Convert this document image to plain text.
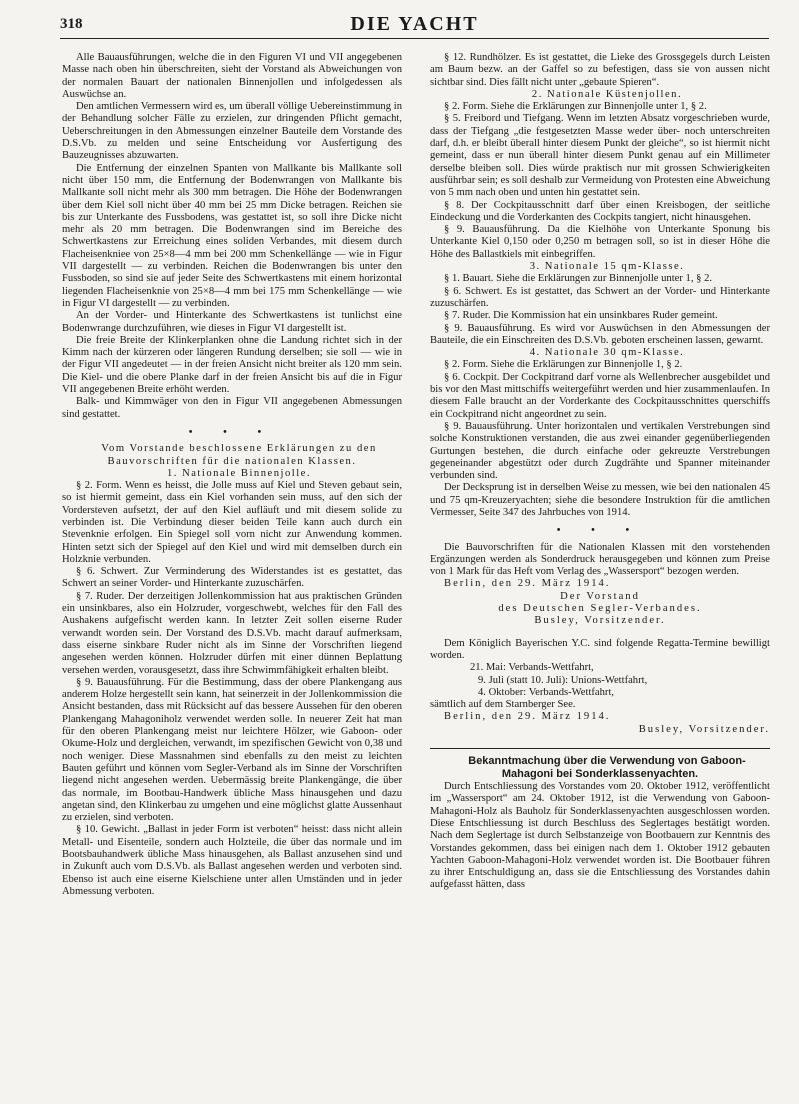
318	DIE YACHT

Alle Bauausführungen, welche die in den Figuren VI und VII angegebenen Masse nach oben hin überschreiten, sieht der Vorstand als Abweichungen von der normalen Bauart der nationalen Binnenjollen und infolgedessen als Auswüchse an.

Den amtlichen Vermessern wird es, um überall völlige Uebereinstimmung in der Behandlung solcher Fälle zu erzielen, zur dringenden Pflicht gemacht, Ueberschreitungen in den Abmessungen einzelner Bauteile dem Vorstande des D.S.Vb. zu melden und seine Entscheidung vor Ausfertigung des Bauzeugnisses abzuwarten.

Die Entfernung der einzelnen Spanten von Mallkante bis Mallkante soll nicht über 150 mm, die Entfernung der Bodenwrangen von Mallkante bis Mallkante soll nicht mehr als 300 mm betragen. Die Höhe der Bodenwrangen über dem Kiel soll nicht über 40 mm bei 25 mm Dicke betragen. Reichen sie bis zur Unterkante des Fussbodens, was gestattet ist, so soll ihre Dicke nicht mehr als 20 mm betragen. Die Bodenwrangen sind im Bereiche des Schwertkastens zur Erreichung eines soliden Verbandes, mit diesem durch Flacheisenkniee von 25×8—4 mm bei 200 mm Schenkellänge — wie in Figur VII dargestellt — zu verbinden. Reichen die Bodenwrangen bis unter den Fussboden, so sind sie auf jeder Seite des Schwertkastens mit einem horizontal liegenden Flacheisenknie von 25×8—4 mm bei 175 mm Schenkellänge — wie in Figur VI dargestellt — zu verbinden.

An der Vorder- und Hinterkante des Schwertkastens ist tunlichst eine Bodenwrange durchzuführen, wie dieses in Figur VI dargestellt ist.

Die freie Breite der Klinkerplanken ohne die Landung richtet sich in der Kimm nach der kürzeren oder längeren Rundung derselben; sie soll — wie in der Figur VII angedeutet — in der freien Ansicht nicht breiter als 120 mm sein. Die Kiel- und die obere Planke darf in der freien Ansicht bis auf die in Figur VII angegebenen Breite erhöht werden.

Balk- und Kimmwäger von den in Figur VII angegebenen Abmessungen sind gestattet.

• • •

Vom Vorstande beschlossene Erklärungen zu den Bauvorschriften für die nationalen Klassen.

1. Nationale Binnenjolle.

§ 2. Form. Wenn es heisst, die Jolle muss auf Kiel und Steven gebaut sein, so ist hiermit gemeint, dass ein Kiel vorhanden sein muss, auf den sich der Vordersteven aufsetzt, der auf den Kiel aufläuft und mit diesem solide zu verbinden ist. Die Verbindung dieser beiden Teile kann auch durch ein Stevenknie erfolgen. Ein Spiegel soll vorn nicht zur Anwendung kommen. Hinten setzt sich der Spiegel auf den Kiel und wird mit demselben durch ein Holzknie verbunden.

§ 6. Schwert. Zur Verminderung des Widerstandes ist es gestattet, das Schwert an seiner Vorder- und Hinterkante zuzuschärfen.

§ 7. Ruder. Der derzeitigen Jollenkommission hat aus praktischen Gründen ein unsinkbares, also ein Holzruder, vorgeschwebt, welches für den Fall des Aushakens aufgefischt werden kann. In letzter Zeit sollen eiserne Ruder verwandt worden sein. Der Vorstand des D.S.Vb. macht darauf aufmerksam, dass eiserne sinkbare Ruder nicht als im Sinne der Vorschriften liegend angesehen werden können. Holzruder dürfen mit einer dünnen Beplattung versehen werden, vorausgesetzt, dass ihre Schwimmfähigkeit erhalten bleibt.

§ 9. Bauausführung. Für die Bestimmung, dass der obere Plankengang aus anderem Holze hergestellt sein kann, hat seinerzeit in der Jollenkommission die Ansicht bestanden, dass mit Rücksicht auf das bessere Aussehen für den oberen Plankengang Mahagoniholz verwendet werden solle. In neuerer Zeit hat man für den oberen Plankengang meist nur leichtere Hölzer, wie Gaboon- oder Okume-Holz und dergleichen, verwandt, im spezifischen Gewicht von 0,38 und noch weniger. Diese Massnahmen sind ebenfalls zu den meist zu leichten Bauten geführt und können vom Segler-Verband als im Sinne der Vorschriften liegend nicht angesehen werden. Uebermässig breite Plankengänge, die über das normale, im Bootbau-Handwerk übliche Mass hinausgehen und dazu angetan sind, den Klinkerbau zu umgehen und eine möglichst glatte Aussenhaut zu erzielen, sind verboten.

§ 10. Gewicht. „Ballast in jeder Form ist verboten“ heisst: dass nicht allein Metall- und Eisenteile, sondern auch Holzteile, die über das normale und im Bootsbauhandwerk übliche Mass hinausgehen, als Ballast anzusehen sind und in Zukunft auch vom D.S.Vb. als Ballast angesehen werden und verboten sind. Ebenso ist auch eine eiserne Kielschiene unter allen Umständen und in jeder Abmessung verboten.

§ 12. Rundhölzer. Es ist gestattet, die Lieke des Grossgegels durch Leisten am Baum bezw. an der Gaffel so zu befestigen, dass sie von aussen nicht sichtbar sind. Dies fällt nicht unter „gebaute Spieren“.

2. Nationale Küstenjollen.

§ 2. Form. Siehe die Erklärungen zur Binnenjolle unter 1, § 2.

§ 5. Freibord und Tiefgang. Wenn im letzten Absatz vorgeschrieben wurde, dass der Tiefgang „die festgesetzten Masse weder über- noch unterschreiten darf, d.h. er bleibt überall hinter diesem Punkt der gleiche“, so ist hiermit nicht gemeint, dass er nun überall hinter diesem Punkt genau auf ein Millimeter derselbe bleiben soll. Dies würde praktisch nur mit grossen Schwierigkeiten ausführbar sein; es soll deshalb zur Vermeidung von Protesten eine Abweichung von 5 mm nach oben und unten hin gestattet sein.

§ 8. Der Cockpitausschnitt darf über einen Kreisbogen, der seitliche Eindeckung und die Vorderkanten des Cockpits tangiert, nicht hinausgehen.

§ 9. Bauausführung. Da die Kielhöhe von Unterkante Sponung bis Unterkante Kiel 0,150 oder 0,250 m betragen soll, so ist in dieser Höhe die Höhe des Ballastkiels mit einbegriffen.

3. Nationale 15 qm-Klasse.

§ 1. Bauart. Siehe die Erklärungen zur Binnenjolle unter 1, § 2.

§ 6. Schwert. Es ist gestattet, das Schwert an der Vorder- und Hinterkante zuzuschärfen.

§ 7. Ruder. Die Kommission hat ein unsinkbares Ruder gemeint.

§ 9. Bauausführung. Es wird vor Auswüchsen in den Abmessungen der Bauteile, die ein Einschreiten des D.S.Vb. geboten erscheinen lassen, gewarnt.

4. Nationale 30 qm-Klasse.

§ 2. Form. Siehe die Erklärungen zur Binnenjolle 1, § 2.

§ 6. Cockpit. Der Cockpitrand darf vorne als Wellenbrecher ausgebildet und bis vor den Mast mittschiffs weitergeführt werden und hier zusammenlaufen. In diesem Falle braucht an der Vorderkante des Cockpitausschnittes querschiffs ein Cockpitrand nicht angeordnet zu sein.

§ 9. Bauausführung. Unter horizontalen und vertikalen Verstrebungen sind solche Konstruktionen verstanden, die aus zwei einander gegenüberliegenden Gurtungen bestehen, die durch einfache oder gekreuzte Verstrebungen gegeneinander abgestützt oder durch Zugdrähte und Spanner miteinander verbunden sind.

Der Decksprung ist in derselben Weise zu messen, wie bei den nationalen 45 und 75 qm-Kreuzeryachten; siehe die besondere Instruktion für die amtlichen Vermesser, Seite 347 des Jahrbuches von 1914.

• • •

Die Bauvorschriften für die Nationalen Klassen mit den vorstehenden Ergänzungen werden als Sonderdruck herausgegeben und können zum Preise von 1 Mark für das Heft vom Verlag des „Wassersport“ bezogen werden.

Berlin, den 29. März 1914.

Der Vorstand

des Deutschen Segler-Verbandes.

Busley, Vorsitzender.

Dem Königlich Bayerischen Y.C. sind folgende Regatta-Termine bewilligt worden.

21. Mai: Verbands-Wettfahrt,

9. Juli (statt 10. Juli): Unions-Wettfahrt,

4. Oktober: Verbands-Wettfahrt,

sämtlich auf dem Starnberger See.

Berlin, den 29. März 1914.

Busley, Vorsitzender.

Bekanntmachung über die Verwendung von Gaboon-Mahagoni bei Sonderklassenyachten.

Durch Entschliessung des Vorstandes vom 20. Oktober 1912, veröffentlicht im „Wassersport“ am 24. Oktober 1912, ist die Verwendung von Gaboon-Mahagoni-Holz als Bauholz für Sonderklassenyachten ausgeschlossen worden. Diese Entschliessung ist durch Beschluss des Seglertages bestätigt worden. Nach dem Seglertage ist durch Selbstanzeige von Bootbauern zur Kenntnis des Vorstandes gekommen, dass bei einigen nach dem 1. Oktober 1912 gebauten Yachten Gaboon-Mahagoni-Holz verwendet worden ist. Die Bootbauer führen zu ihrer Entschuldigung an, dass sie die Entschliessung des Vorstandes dahin aufgefasst hätten, dass
